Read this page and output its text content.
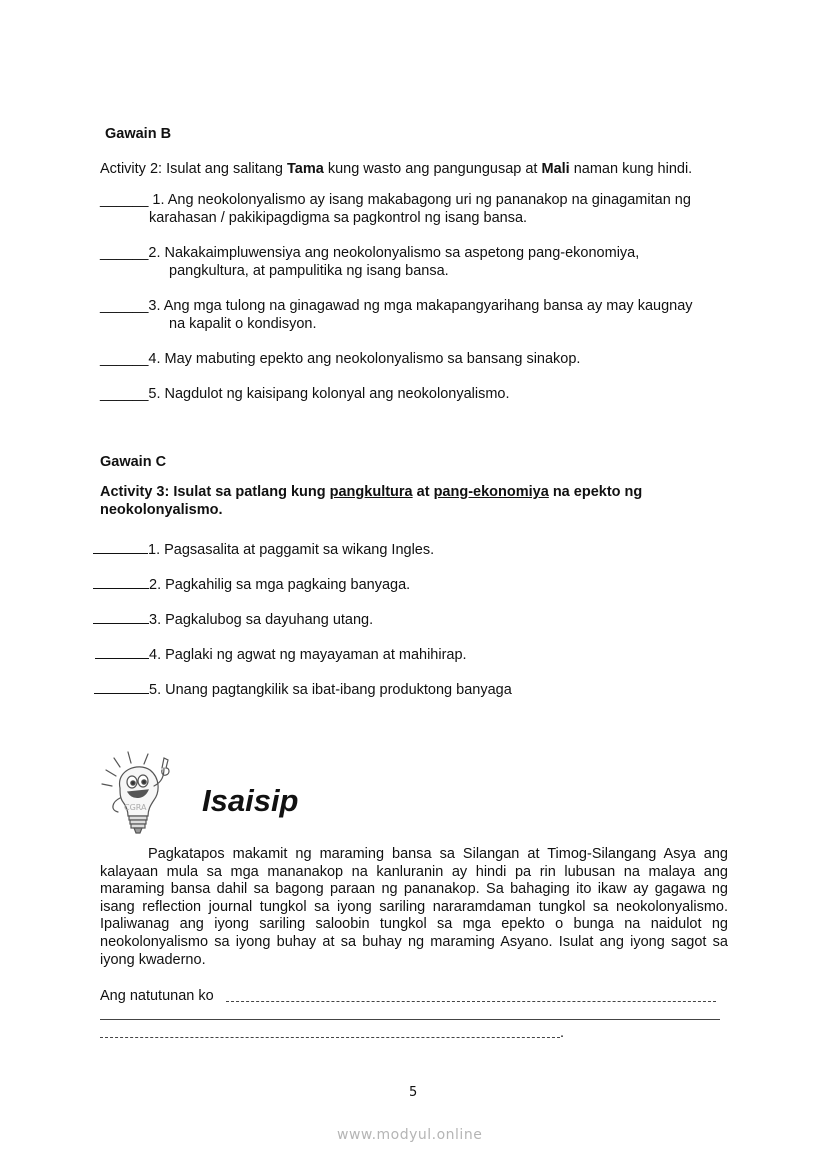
Gawain B
Activity 2: Isulat ang salitang Tama kung wasto ang pangungusap at Mali naman kung hindi.
______ 1. Ang neokolonyalismo ay isang makabagong uri ng pananakop na ginagamitan ng
karahasan / pakikipagdigma sa pagkontrol ng isang bansa.
______2. Nakakaimpluwensiya ang neokolonyalismo sa aspetong pang-ekonomiya,
pangkultura, at pampulitika ng isang bansa.
______3. Ang mga tulong na ginagawad ng mga makapangyarihang bansa ay may kaugnay
na kapalit o kondisyon.
______4. May mabuting epekto ang neokolonyalismo sa bansang sinakop.
______5. Nagdulot ng kaisipang kolonyal ang neokolonyalismo.
Gawain C
Activity 3: Isulat sa patlang kung pangkultura at pang-ekonomiya na epekto ng
neokolonyalismo.
1. Pagsasalita at paggamit sa wikang Ingles.
2. Pagkahilig sa mga pagkaing banyaga.
3. Pagkalubog sa dayuhang utang.
4. Paglaki ng agwat ng mayayaman at mahihirap.
5. Unang pagtangkilik sa ibat-ibang produktong banyaga
CGRA Isaisip
Pagkatapos makamit ng maraming bansa sa Silangan at Timog-Silangang Asya ang kalayaan mula sa mga mananakop na kanluranin ay hindi pa rin lubusan na malaya ang maraming bansa dahil sa bagong paraan ng pananakop. Sa bahaging ito ikaw ay gagawa ng isang reflection journal tungkol sa iyong sariling nararamdaman tungkol sa neokolonyalismo. Ipaliwanag ang iyong sariling saloobin tungkol sa mga epekto o bunga na naidulot ng neokolonyalismo sa iyong buhay at sa buhay ng maraming Asyano. Isulat ang iyong sagot sa iyong kwaderno.
Ang natutunan ko
.
5
www.modyul.online
